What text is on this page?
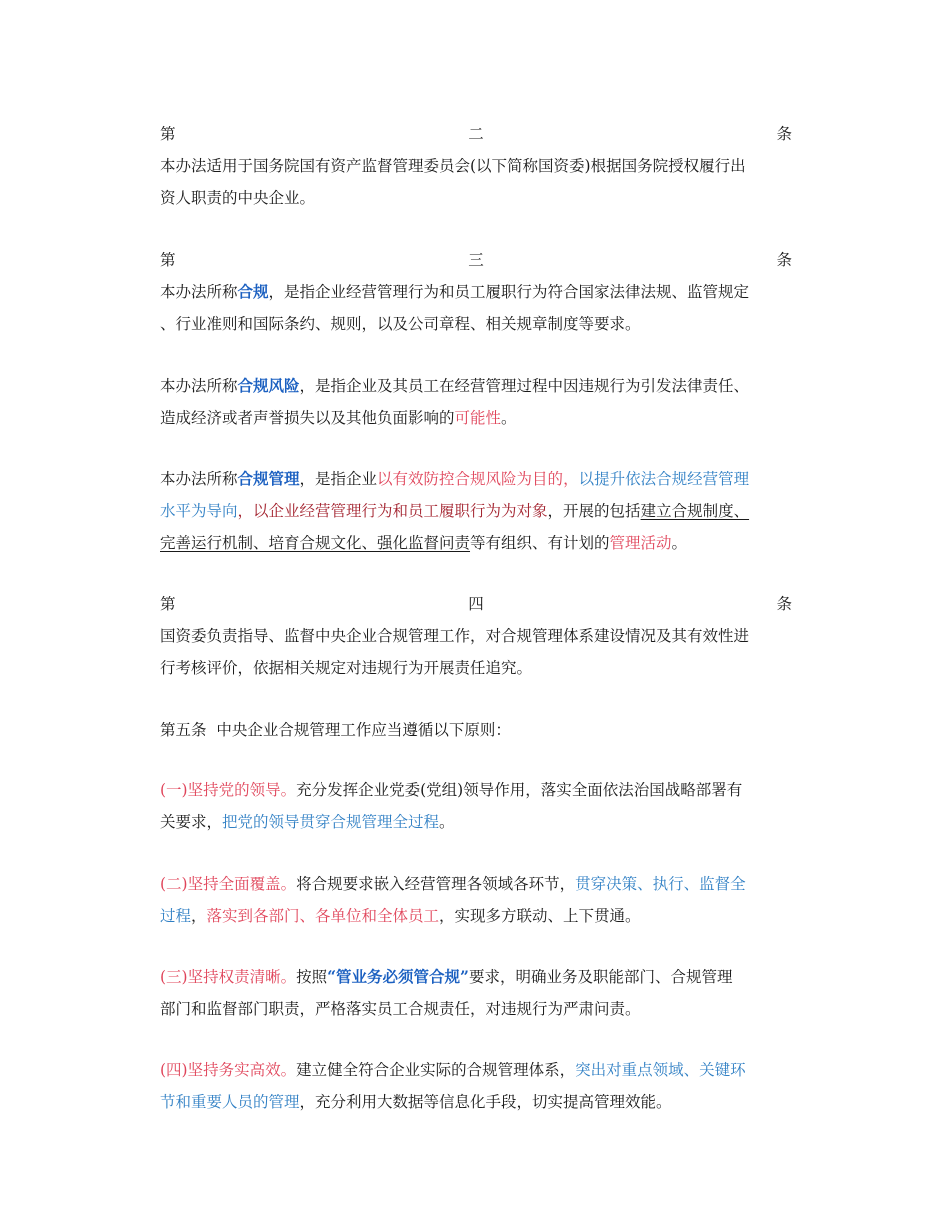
第	二	条
本办法适用于国务院国有资产监督管理委员会(以下简称国资委)根据国务院授权履行出
资人职责的中央企业。
第	三	条
本办法所称合规，是指企业经营管理行为和员工履职行为符合国家法律法规、监管规定
、行业准则和国际条约、规则，以及公司章程、相关规章制度等要求。
本办法所称合规风险，是指企业及其员工在经营管理过程中因违规行为引发法律责任、
造成经济或者声誉损失以及其他负面影响的可能性。
本办法所称合规管理，是指企业以有效防控合规风险为目的，以提升依法合规经营管理
水平为导向，以企业经营管理行为和员工履职行为为对象，开展的包括建立合规制度、
完善运行机制、培育合规文化、强化监督问责等有组织、有计划的管理活动。
第	四	条
国资委负责指导、监督中央企业合规管理工作，对合规管理体系建设情况及其有效性进
行考核评价，依据相关规定对违规行为开展责任追究。
第五条  中央企业合规管理工作应当遵循以下原则：
(一)坚持党的领导。充分发挥企业党委(党组)领导作用，落实全面依法治国战略部署有
关要求，把党的领导贯穿合规管理全过程。
(二)坚持全面覆盖。将合规要求嵌入经营管理各领域各环节，贯穿决策、执行、监督全
过程，落实到各部门、各单位和全体员工，实现多方联动、上下贯通。
(三)坚持权责清晰。按照“管业务必须管合规”要求，明确业务及职能部门、合规管理
部门和监督部门职责，严格落实员工合规责任，对违规行为严肃问责。
(四)坚持务实高效。建立健全符合企业实际的合规管理体系，突出对重点领域、关键环
节和重要人员的管理，充分利用大数据等信息化手段，切实提高管理效能。
